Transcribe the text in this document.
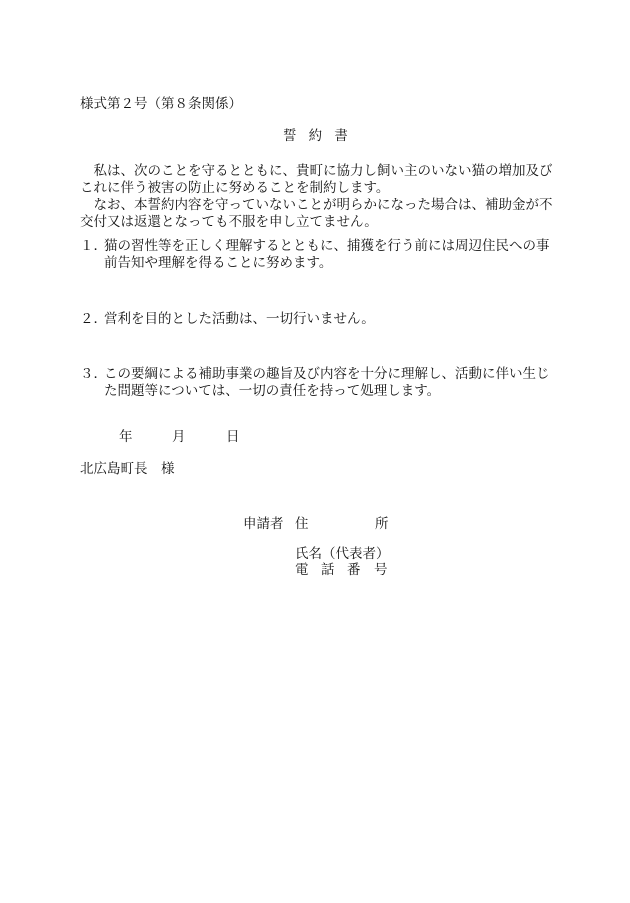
様式第２号（第８条関係）
誓約書

私は、次のことを守るとともに、貴町に協力し飼い主のいない猫の増加及びこれに伴う被害の防止に努めることを制約します。

なお、本誓約内容を守っていないことが明らかになった場合は、補助金が不交付又は返還となっても不服を申し立てません。

１．
猫の習性等を正しく理解するとともに、捕獲を行う前には周辺住民への事前告知や理解を得ることに努めます。
２．
営利を目的とした活動は、一切行いません。
３．
この要綱による補助事業の趣旨及び内容を十分に理解し、活動に伴い生じた問題等については、一切の責任を持って処理します。
年	月	日
北広島町長　様
申請者 住	所
氏名（代表者）
電 話 番 号
